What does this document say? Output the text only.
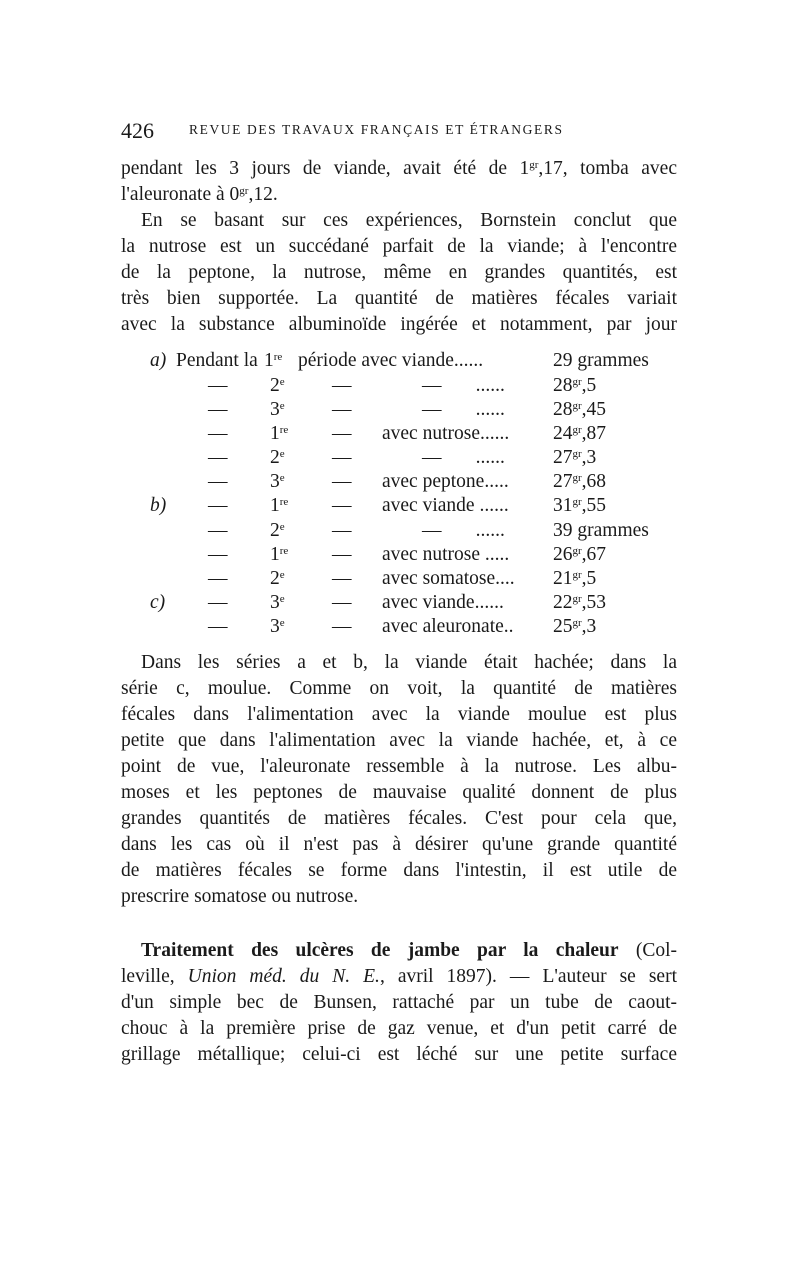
426	REVUE DES TRAVAUX FRANÇAIS ET ÉTRANGERS
pendant les 3 jours de viande, avait été de $1^{gr},17$, tomba avec
l'aleuronate à $0^{gr},12$.
En se basant sur ces expériences, Bornstein conclut que
la nutrose est un succédané parfait de la viande; à l'encontre
de la peptone, la nutrose, même en grandes quantités, est
très bien supportée. La quantité de matières fécales variait
avec la substance albuminoïde ingérée et notamment, par jour
a) Pendant la 1re période avec viande......	29 grammes
— 2e —	—       ...... $28^{gr},5$
— 3e —	—       ...... $28^{gr},45$
— 1re — avec nutrose...... $24^{gr},87$
— 2e —	—       ...... $27^{gr},3$
— 3e — avec peptone..... $27^{gr},68$
b) — 1re — avec viande ...... $31^{gr},55$
— 2e —	—       ...... 39 grammes
— 1re — avec nutrose ..... $26^{gr},67$
— 2e — avec somatose.... $21^{gr},5$
c) — 3e — avec viande......	$22^{gr},53$
— 3e — avec aleuronate.. $25^{gr},3$
Dans les séries a et b, la viande était hachée; dans la
série c, moulue. Comme on voit, la quantité de matières
fécales dans l'alimentation avec la viande moulue est plus
petite que dans l'alimentation avec la viande hachée, et, à ce
point de vue, l'aleuronate ressemble à la nutrose. Les albu-
moses et les peptones de mauvaise qualité donnent de plus
grandes quantités de matières fécales. C'est pour cela que,
dans les cas où il n'est pas à désirer qu'une grande quantité
de matières fécales se forme dans l'intestin, il est utile de
prescrire somatose ou nutrose.
Traitement des ulcères de jambe par la chaleur (Col-
leville, Union méd. du N. E., avril 1897). — L'auteur se sert
d'un simple bec de Bunsen, rattaché par un tube de caout-
chouc à la première prise de gaz venue, et d'un petit carré de
grillage métallique; celui-ci est léché sur une petite surface
